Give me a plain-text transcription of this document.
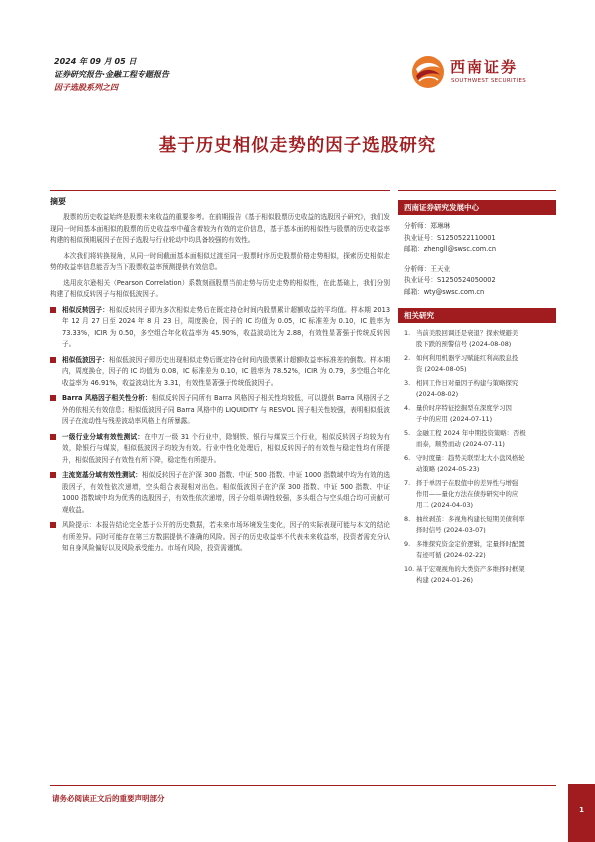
2024 年 09 月 05 日
证券研究报告·金融工程专题报告
因子选股系列之四
西南证券
SOUTHWEST SECURITIES
基于历史相似走势的因子选股研究
摘要
股票的历史收益始终是股票未来收益的重要参考。在前期报告《基于相似股票历史收益的选股因子研究》，我们发现同一时间基本面相似的股票的历史收益率中蕴含着较为有效的定价信息，基于基本面的相似性与股票的历史收益率构建的相似预期展因子在因子选股与行业轮动中均具备较强的有效性。
本次我们将转换视角，从同一时间截面基本面相似过渡至同一股票时序历史股票价格走势相似，探索历史相似走势的收益率信息能否为当下股票收益率预测提供有效信息。
选用皮尔逊相关（Pearson Correlation）系数刻画股票当前走势与历史走势的相似性，在此基础上，我们分别构建了相似反转因子与相似低波因子。
相似反转因子：相似反转因子即为多次相似走势后在既定持仓时间内股票累计超额收益的平均值。样本期 2013 年 12 月 27 日至 2024 年 8 月 23 日，周度换仓，因子的 IC 均值为 0.05，IC 标准差为 0.10，IC 胜率为 73.33%，ICIR 为 0.50，多空组合年化收益率为 45.90%，收益波动比为 2.88，有效性显著强于传统反转因子。
相似低波因子：相似低波因子即历史出现相似走势后既定持仓时间内股票累计超额收益率标准差的倒数。样本期内，周度换仓，因子的 IC 均值为 0.08，IC 标准差为 0.10，IC 胜率为 78.52%，ICIR 为 0.79，多空组合年化收益率为 46.91%，收益波动比为 3.31，有效性显著强于传统低波因子。
Barra 风格因子相关性分析：相似反转因子同所有 Barra 风格因子相关性均较低，可以提供 Barra 风格因子之外的依相关有效信息；相似低波因子同 Barra 风格中的 LIQUIDITY 与 RESVOL 因子相关性较强，表明相似低波因子在流动性与残差波动率风格上有所暴露。
一级行业分域有效性测试：在中万一级 31 个行业中，除钢铁、银行与煤炭三个行业，相似反转因子均较为有效，除银行与煤炭，相似低波因子均较为有效。行业中性化处理后，相似反转因子的有效性与稳定性均有所提升，相似低波因子有效性有所下降，稳定性有所提升。
主流宽基分域有效性测试：相似反转因子在沪深 300 指数、中证 500 指数、中证 1000 指数域中均为有效的选股因子，有效性依次递增，空头组合表现相对出色。相似低波因子在沪深 300 指数、中证 500 指数、中证 1000 指数域中均为优秀的选股因子，有效性依次递增，因子分组单调性较强，多头组合与空头组合均可贡献可观收益。
风险提示：本报告结论完全基于公开的历史数据，若未来市场环境发生变化，因子的实际表现可能与本文的结论有所差异。同时可能存在第三方数据提供不准确的风险。因子的历史收益率不代表未来收益率，投资者需充分认知自身风险偏好以及风险承受能力。市场有风险，投资需谨慎。
西南证券研究发展中心
分析师：郑琳琳
执业证号：S1250522110001
邮箱：zhengll@swsc.com.cn
分析师：王天业
执业证号：S1250524050002
邮箱：wty@swsc.com.cn
相关研究
1. 当前美股回调还是衰退？探索规避美
股下跌的预警信号 (2024-08-08)
2. 如何利用机器学习赋能红利高股息投
资 (2024-08-05)
3. 相同工作日对量因子构建与策略探究
(2024-08-02)
4. 量价时序特征挖掘型在深度学习因
子中的应用 (2024-07-11)
5. 金融工程 2024 年中期投资策略：否极
而泰，顺势而动 (2024-07-11)
6. 守时度量：趋势关联型北大小盘风格轮
动策略 (2024-05-23)
7. 择于单因子在股值中的差异性与增强
作用——量化方法在债券研究中的应
用二 (2024-04-03)
8. 抽丝剥茧：多视角构建长短期美债利率
择时信号 (2024-03-07)
9. 多维探究资金定价逻辑，定量择时配置
有迹可循 (2024-02-22)
10. 基于宏观视角的大类资产多维择时框架
构建 (2024-01-26)
请务必阅读正文后的重要声明部分
1
